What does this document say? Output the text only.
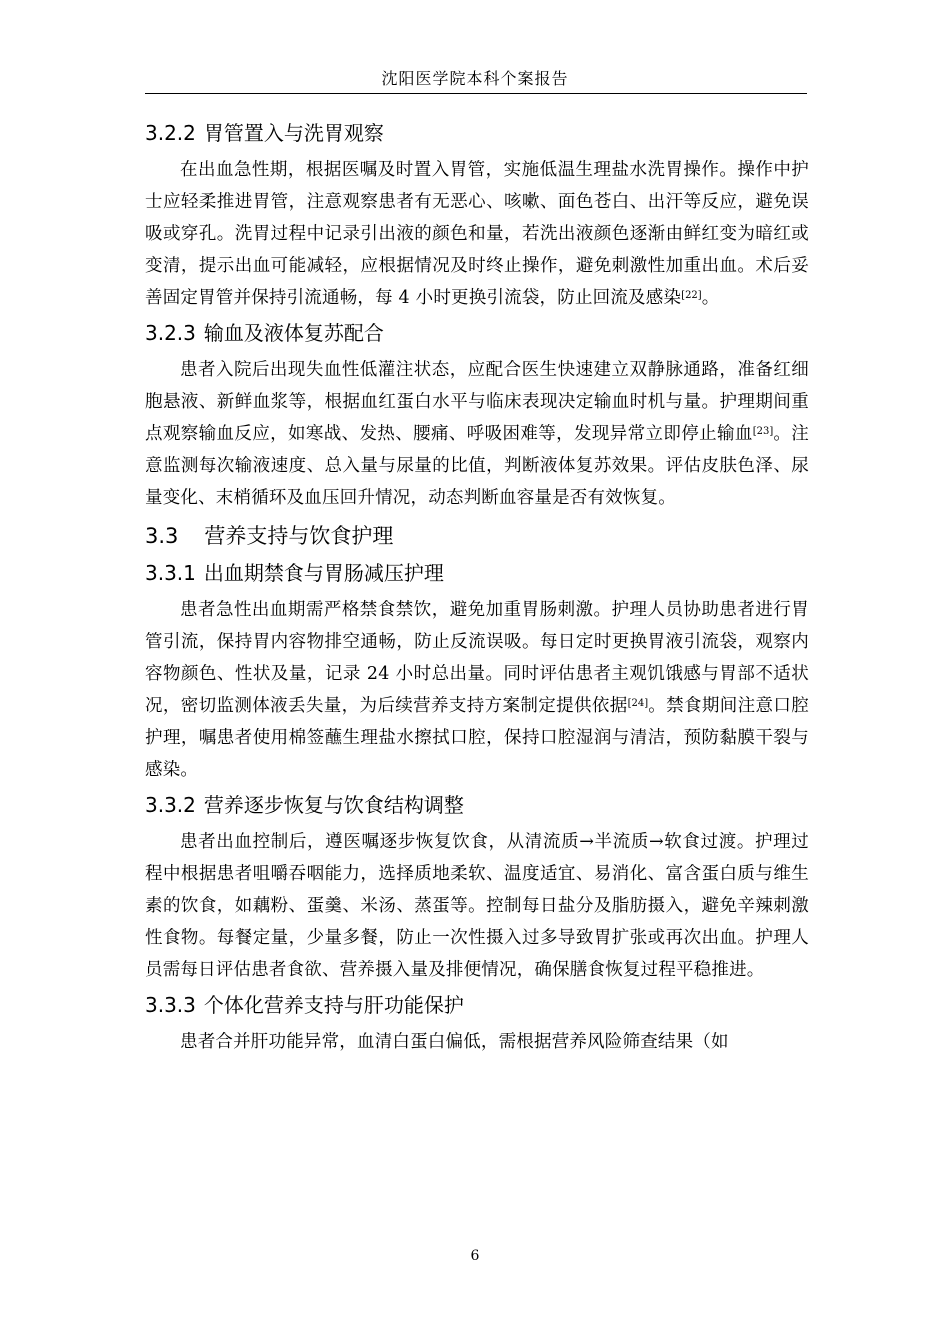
沈阳医学院本科个案报告
3.2.2 胃管置入与洗胃观察

在出血急性期，根据医嘱及时置入胃管，实施低温生理盐水洗胃操作。操作中护士应轻柔推进胃管，注意观察患者有无恶心、咳嗽、面色苍白、出汗等反应，避免误吸或穿孔。洗胃过程中记录引出液的颜色和量，若洗出液颜色逐渐由鲜红变为暗红或变清，提示出血可能减轻，应根据情况及时终止操作，避免刺激性加重出血。术后妥善固定胃管并保持引流通畅，每 4 小时更换引流袋，防止回流及感染[22]。

3.2.3 输血及液体复苏配合

患者入院后出现失血性低灌注状态，应配合医生快速建立双静脉通路，准备红细胞悬液、新鲜血浆等，根据血红蛋白水平与临床表现决定输血时机与量。护理期间重点观察输血反应，如寒战、发热、腰痛、呼吸困难等，发现异常立即停止输血[23]。注意监测每次输液速度、总入量与尿量的比值，判断液体复苏效果。评估皮肤色泽、尿量变化、末梢循环及血压回升情况，动态判断血容量是否有效恢复。

3.3 营养支持与饮食护理
3.3.1 出血期禁食与胃肠减压护理

患者急性出血期需严格禁食禁饮，避免加重胃肠刺激。护理人员协助患者进行胃管引流，保持胃内容物排空通畅，防止反流误吸。每日定时更换胃液引流袋，观察内容物颜色、性状及量，记录 24 小时总出量。同时评估患者主观饥饿感与胃部不适状况，密切监测体液丢失量，为后续营养支持方案制定提供依据[24]。禁食期间注意口腔护理，嘱患者使用棉签蘸生理盐水擦拭口腔，保持口腔湿润与清洁，预防黏膜干裂与感染。

3.3.2 营养逐步恢复与饮食结构调整

患者出血控制后，遵医嘱逐步恢复饮食，从清流质→半流质→软食过渡。护理过程中根据患者咀嚼吞咽能力，选择质地柔软、温度适宜、易消化、富含蛋白质与维生素的饮食，如藕粉、蛋羹、米汤、蒸蛋等。控制每日盐分及脂肪摄入，避免辛辣刺激性食物。每餐定量，少量多餐，防止一次性摄入过多导致胃扩张或再次出血。护理人员需每日评估患者食欲、营养摄入量及排便情况，确保膳食恢复过程平稳推进。

3.3.3 个体化营养支持与肝功能保护

患者合并肝功能异常，血清白蛋白偏低，需根据营养风险筛查结果（如

6
